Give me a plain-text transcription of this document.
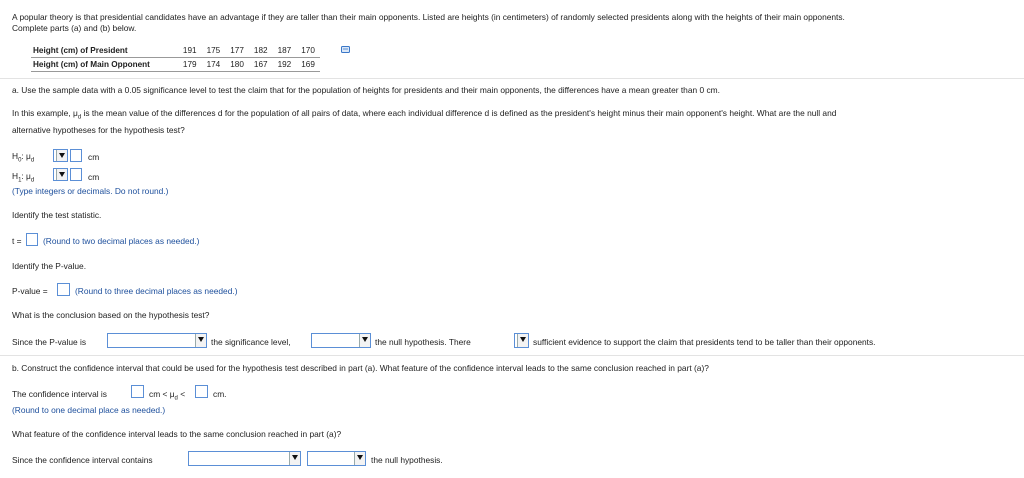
A popular theory is that presidential candidates have an advantage if they are taller than their main opponents. Listed are heights (in centimeters) of randomly selected presidents along with the heights of their main opponents.
Complete parts (a) and (b) below.
Height (cm) of President	191	175	177	182	187	170
Height (cm) of Main Opponent	179	174	180	167	192	169
a. Use the sample data with a 0.05 significance level to test the claim that for the population of heights for presidents and their main opponents, the differences have a mean greater than 0 cm.
In this example, $\mu_d$ is the mean value of the differences d for the population of all pairs of data, where each individual difference d is defined as the president's height minus their main opponent's height. What are the null and
alternative hypotheses for the hypothesis test?
$H_0$: $\mu_d$	cm
$H_1$: $\mu_d$	cm
(Type integers or decimals. Do not round.)
Identify the test statistic.
t =	(Round to two decimal places as needed.)
Identify the P-value.
P-value =	(Round to three decimal places as needed.)
What is the conclusion based on the hypothesis test?
Since the P-value is	the significance level,	the null hypothesis. There	sufficient evidence to support the claim that presidents tend to be taller than their opponents.
b. Construct the confidence interval that could be used for the hypothesis test described in part (a). What feature of the confidence interval leads to the same conclusion reached in part (a)?
The confidence interval is	cm < $\mu_d$ <	cm.
(Round to one decimal place as needed.)
What feature of the confidence interval leads to the same conclusion reached in part (a)?
Since the confidence interval contains	the null hypothesis.
